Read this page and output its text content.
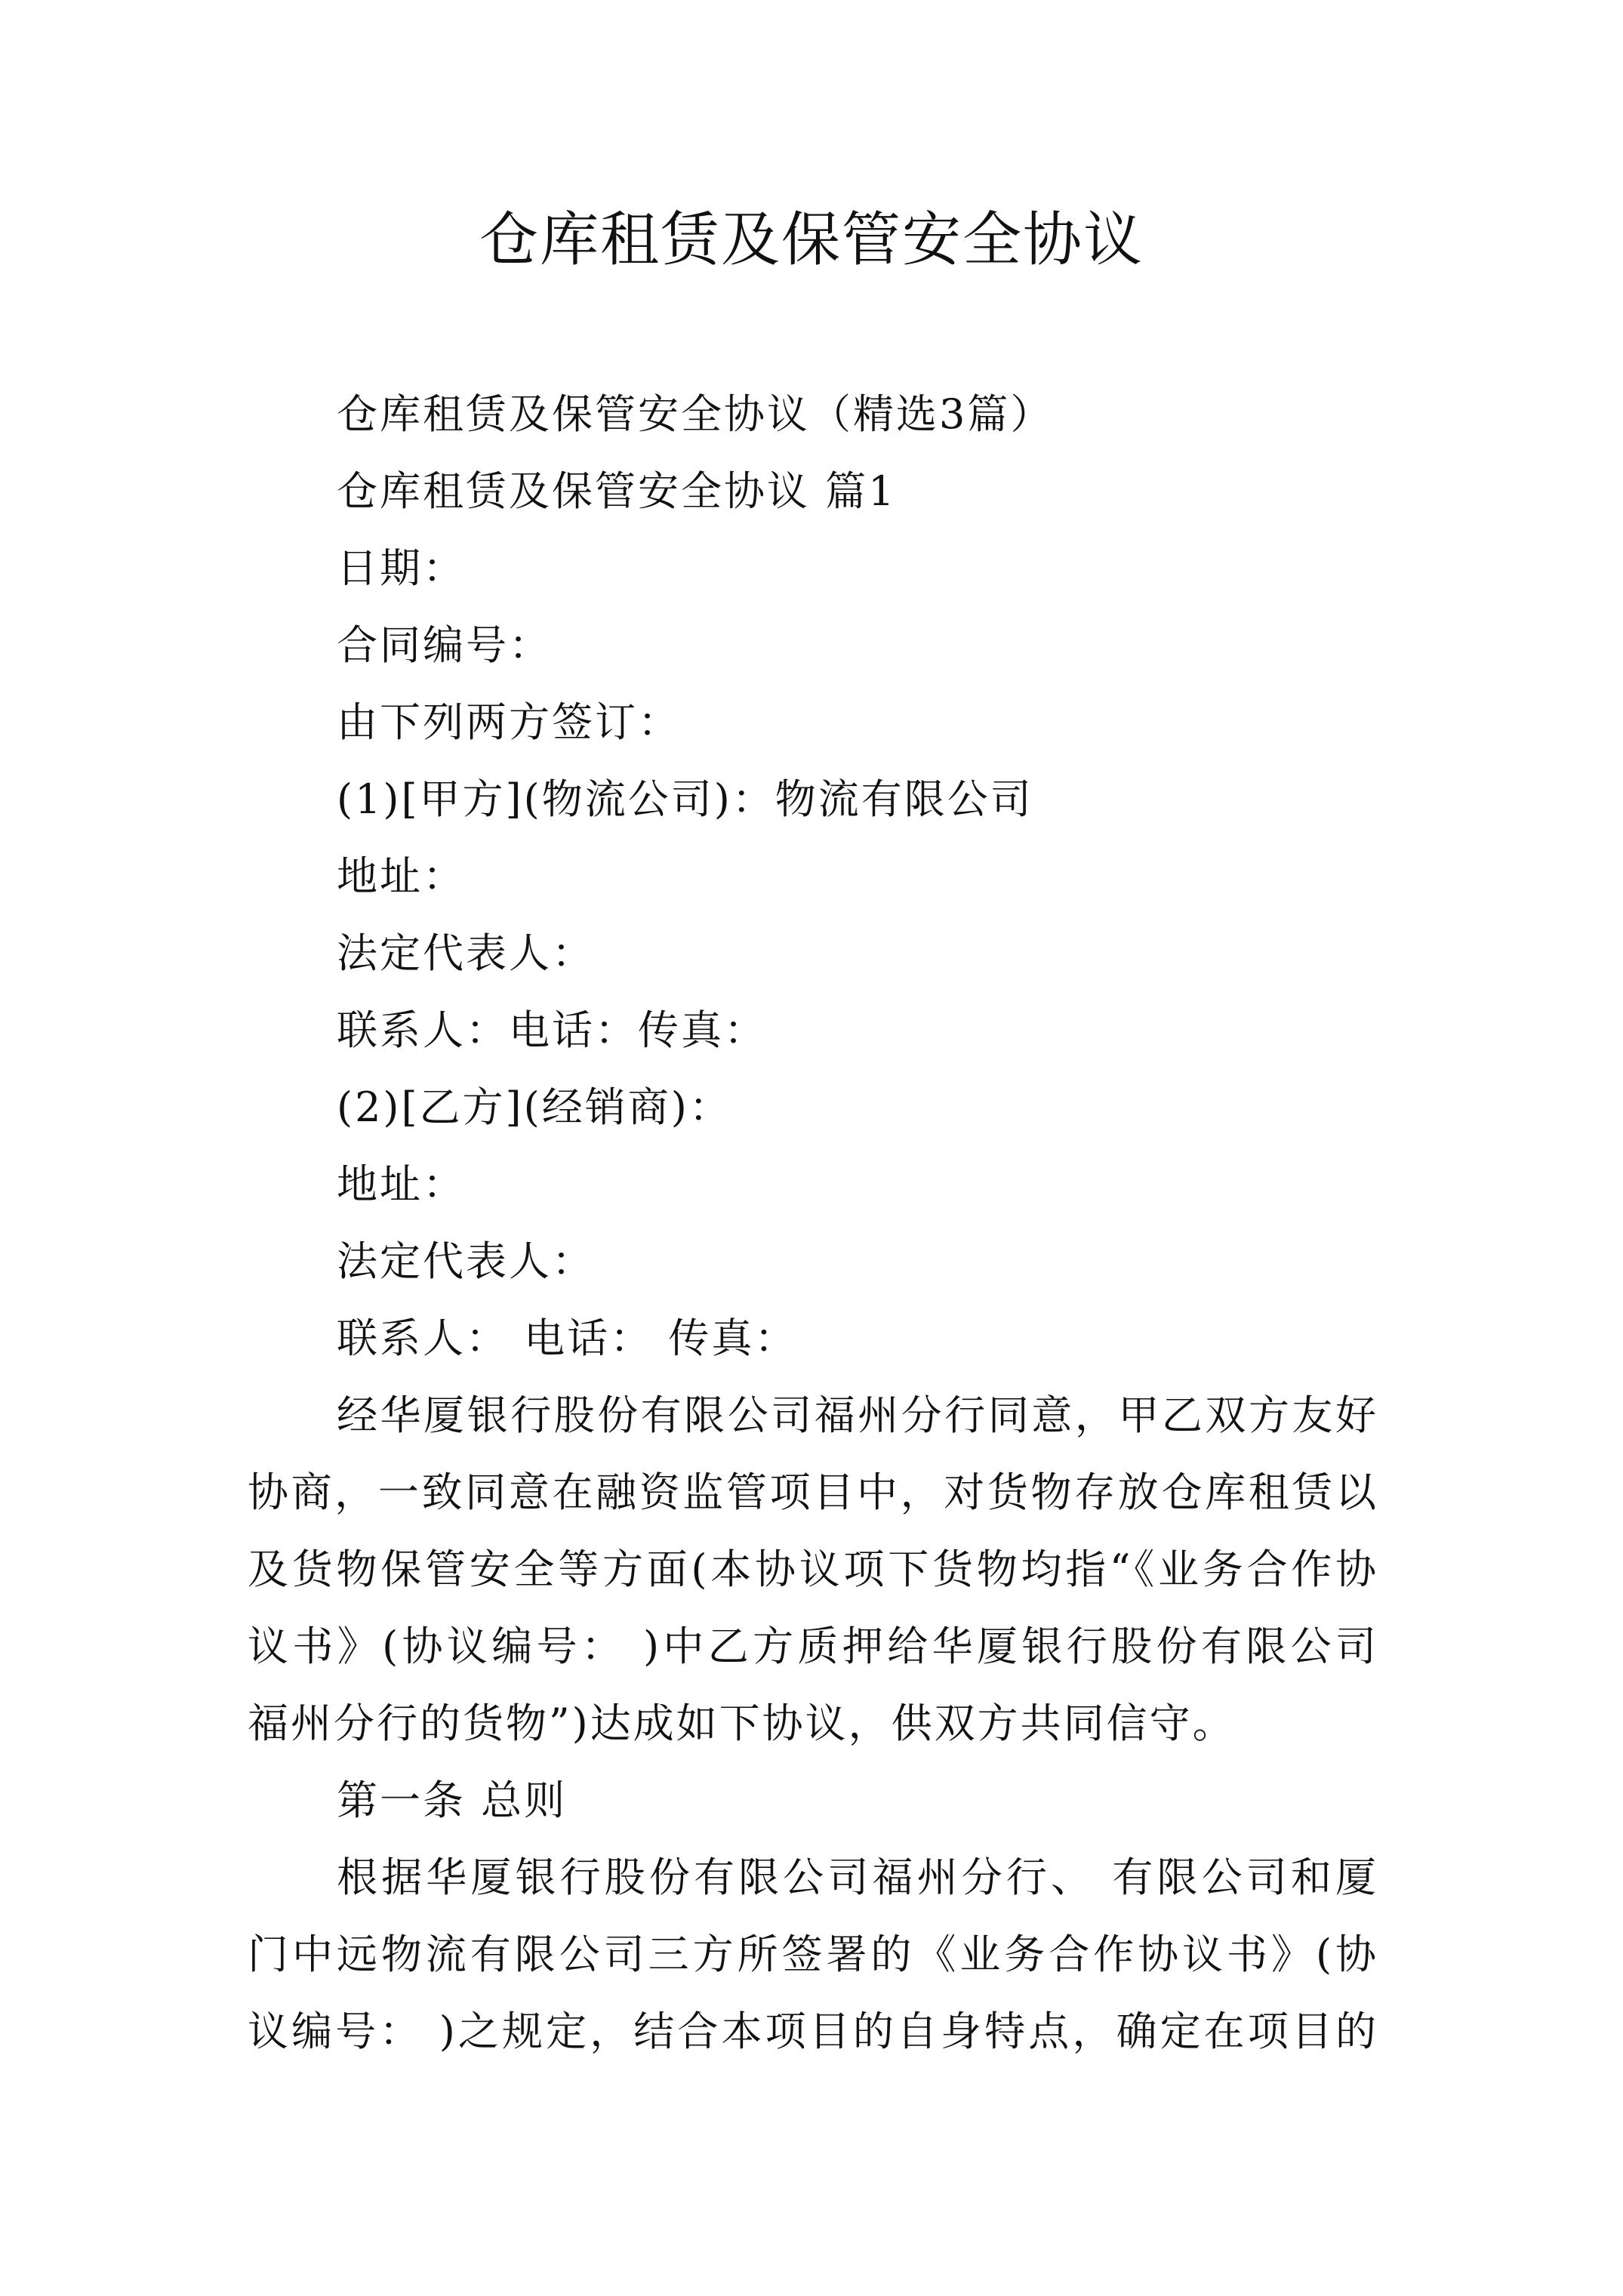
仓库租赁及保管安全协议
仓库租赁及保管安全协议（精选3篇）
仓库租赁及保管安全协议 篇1
日期：
合同编号：
由下列两方签订：
(1)[甲方](物流公司)：物流有限公司
地址：
法定代表人：
联系人：电话：传真：
(2)[乙方](经销商)：
地址：
法定代表人：
联系人： 电话： 传真：
经华厦银行股份有限公司福州分行同意，甲乙双方友好
协商，一致同意在融资监管项目中，对货物存放仓库租赁以
及货物保管安全等方面(本协议项下货物均指“《业务合作协
议书》(协议编号： )中乙方质押给华厦银行股份有限公司
福州分行的货物”)达成如下协议，供双方共同信守。
第一条 总则
根据华厦银行股份有限公司福州分行、 有限公司和厦
门中远物流有限公司三方所签署的《业务合作协议书》(协
议编号： )之规定，结合本项目的自身特点，确定在项目的
